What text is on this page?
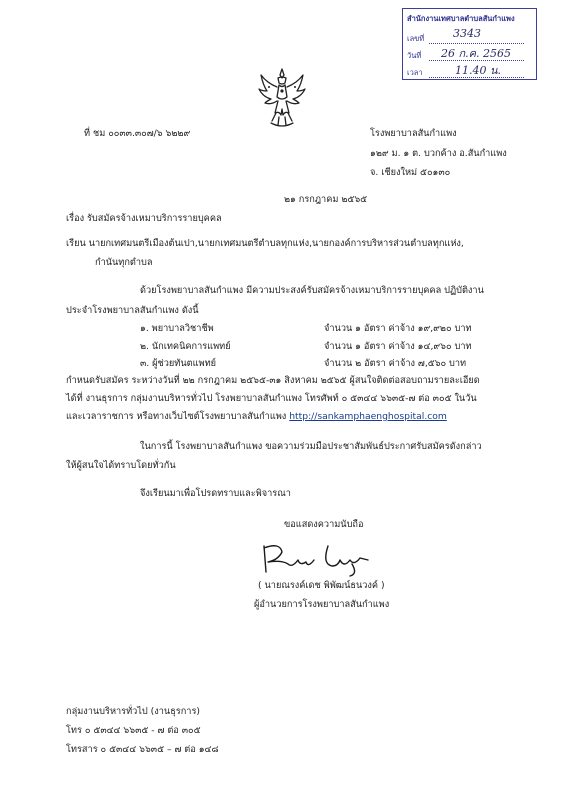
สำนักงานเทศบาลตำบลสันกำแพง
เลขที่	3343
วันที่ 26 ก.ค. 2565
เวลา	11.40 น.
ที่ ชม ๐๐๓๓.๓๐๗/๖ ๖๒๒๙	โรงพยาบาลสันกำแพง
๑๒๙ ม. ๑ ต. บวกค้าง อ.สันกำแพง
จ. เชียงใหม่ ๕๐๑๓๐
๒๑ กรกฎาคม ๒๕๖๕
เรื่อง รับสมัครจ้างเหมาบริการรายบุคคล
เรียน นายกเทศมนตรีเมืองต้นเปา,นายกเทศมนตรีตำบลทุกแห่ง,นายกองค์การบริหารส่วนตำบลทุกแห่ง,
กำนันทุกตำบล
ด้วยโรงพยาบาลสันกำแพง มีความประสงค์รับสมัครจ้างเหมาบริการรายบุคคล ปฏิบัติงาน
ประจำโรงพยาบาลสันกำแพง ดังนี้
๑. พยาบาลวิชาชีพ	จำนวน ๑ อัตรา ค่าจ้าง ๑๙,๙๒๐ บาท
๒. นักเทคนิคการแพทย์	จำนวน ๑ อัตรา ค่าจ้าง ๑๔,๙๖๐ บาท
๓. ผู้ช่วยทันตแพทย์	จำนวน ๒ อัตรา ค่าจ้าง ๗,๕๖๐ บาท
กำหนดรับสมัคร ระหว่างวันที่ ๒๒ กรกฎาคม ๒๕๖๕-๓๑ สิงหาคม ๒๕๖๕ ผู้สนใจติดต่อสอบถามรายละเอียด
ได้ที่ งานธุรการ กลุ่มงานบริหารทั่วไป โรงพยาบาลสันกำแพง โทรศัพท์ ๐ ๕๓๔๔ ๖๖๓๕-๗ ต่อ ๓๐๕ ในวัน
และเวลาราชการ หรือทางเว็บไซต์โรงพยาบาลสันกำแพง http://sankamphaenghospital.com
ในการนี้ โรงพยาบาลสันกำแพง ขอความร่วมมือประชาสัมพันธ์ประกาศรับสมัครดังกล่าว
ให้ผู้สนใจได้ทราบโดยทั่วกัน
จึงเรียนมาเพื่อโปรดทราบและพิจารณา
ขอแสดงความนับถือ
( นายณรงค์เดช พิพัฒน์ธนวงค์ )
ผู้อำนวยการโรงพยาบาลสันกำแพง
กลุ่มงานบริหารทั่วไป (งานธุรการ)
โทร ๐ ๕๓๔๔ ๖๖๓๕ - ๗ ต่อ ๓๐๕
โทรสาร ๐ ๕๓๔๔ ๖๖๓๕ – ๗ ต่อ ๑๔๘
